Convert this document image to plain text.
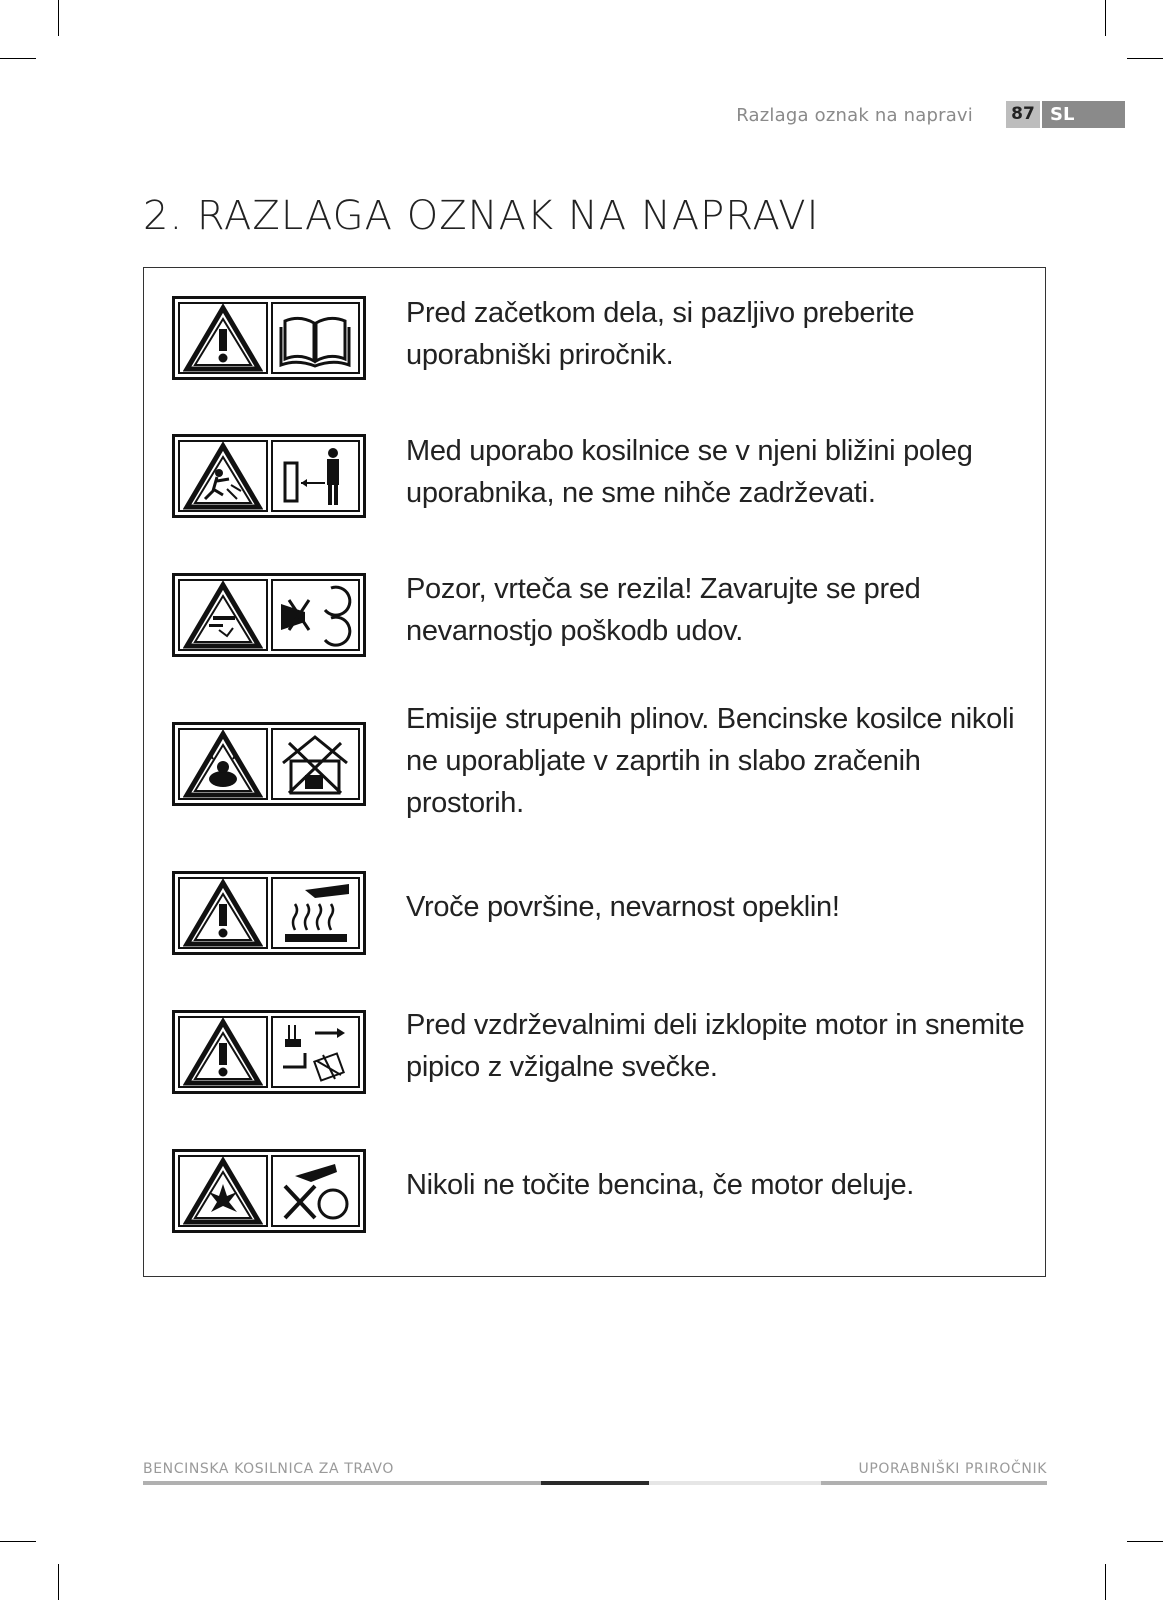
Razlaga oznak na napravi	87 SL
2. RAZLAGA OZNAK NA NAPRAVI
Pred začetkom dela, si pazljivo preberite uporabniški priročnik.
Med uporabo kosilnice se v njeni bližini poleg uporabnika, ne sme nihče zadrževati.
Pozor, vrteča se rezila! Zavarujte se pred nevarnostjo poškodb udov.
Emisije strupenih plinov. Bencinske kosilce nikoli ne uporabljate v zaprtih in slabo zračenih prostorih.
Vroče površine, nevarnost opeklin!
Pred vzdrževalnimi deli izklopite motor in snemite pipico z vžigalne svečke.
Nikoli ne točite bencina, če motor deluje.
BENCINSKA KOSILNICA ZA TRAVO	UPORABNIŠKI PRIROČNIK
